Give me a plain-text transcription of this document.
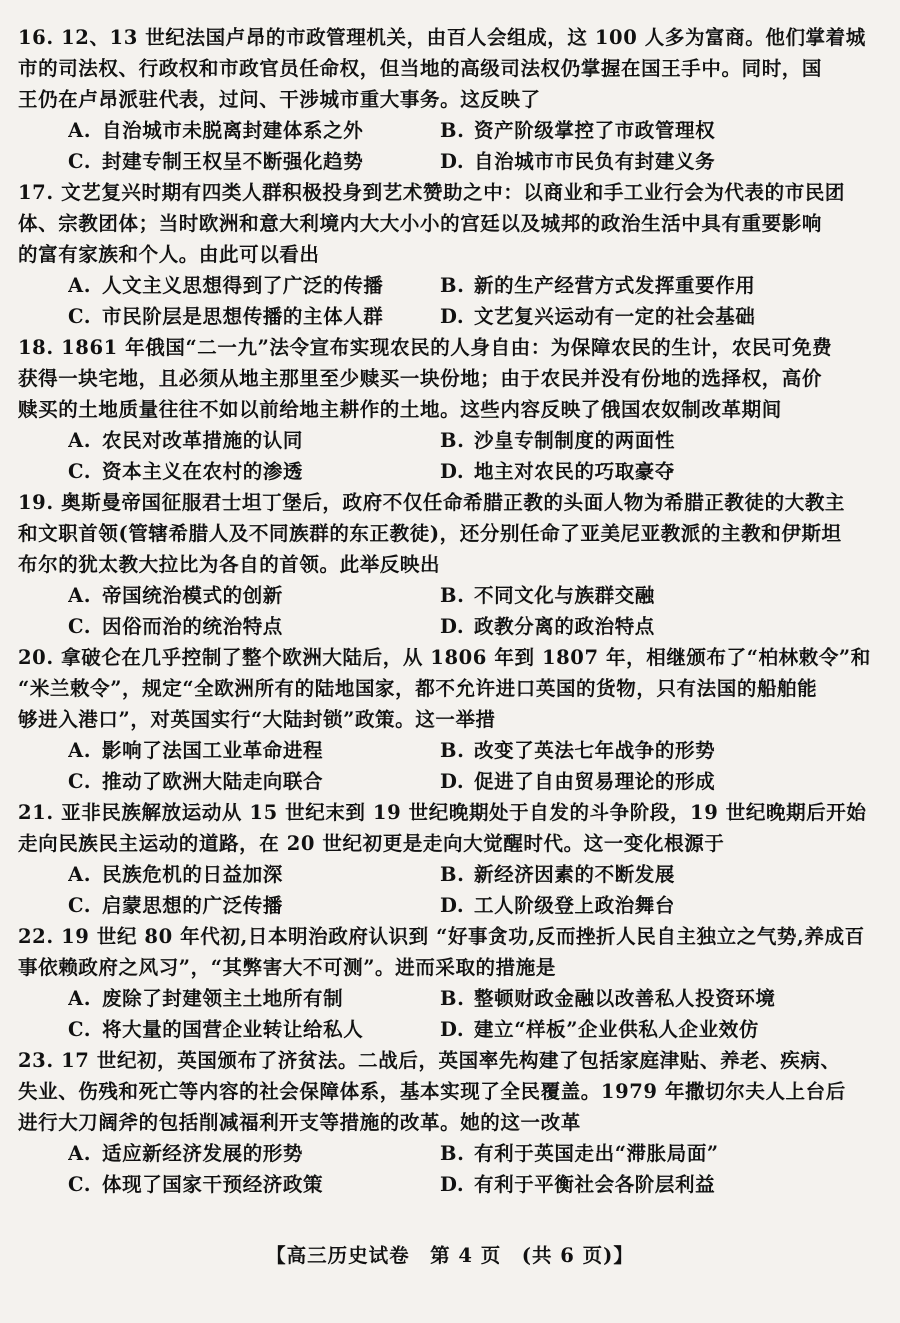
16. 12、13 世纪法国卢昂的市政管理机关，由百人会组成，这 100 人多为富商。他们掌着城

市的司法权、行政权和市政官员任命权，但当地的高级司法权仍掌握在国王手中。同时，国

王仍在卢昂派驻代表，过问、干涉城市重大事务。这反映了

A. 自治城市未脱离封建体系之外	B. 资产阶级掌控了市政管理权
C. 封建专制王权呈不断强化趋势	D. 自治城市市民负有封建义务

17. 文艺复兴时期有四类人群积极投身到艺术赞助之中：以商业和手工业行会为代表的市民团

体、宗教团体；当时欧洲和意大利境内大大小小的宫廷以及城邦的政治生活中具有重要影响

的富有家族和个人。由此可以看出

A. 人文主义思想得到了广泛的传播	B. 新的生产经营方式发挥重要作用
C. 市民阶层是思想传播的主体人群	D. 文艺复兴运动有一定的社会基础

18. 1861 年俄国“二一九”法令宣布实现农民的人身自由：为保障农民的生计，农民可免费

获得一块宅地，且必须从地主那里至少赎买一块份地；由于农民并没有份地的选择权，高价

赎买的土地质量往往不如以前给地主耕作的土地。这些内容反映了俄国农奴制改革期间

A. 农民对改革措施的认同	B. 沙皇专制制度的两面性
C. 资本主义在农村的渗透	D. 地主对农民的巧取豪夺

19. 奥斯曼帝国征服君士坦丁堡后，政府不仅任命希腊正教的头面人物为希腊正教徒的大教主

和文职首领(管辖希腊人及不同族群的东正教徒)，还分别任命了亚美尼亚教派的主教和伊斯坦

布尔的犹太教大拉比为各自的首领。此举反映出

A. 帝国统治模式的创新	B. 不同文化与族群交融
C. 因俗而治的统治特点	D. 政教分离的政治特点

20. 拿破仑在几乎控制了整个欧洲大陆后，从 1806 年到 1807 年，相继颁布了“柏林敕令”和

“米兰敕令”，规定“全欧洲所有的陆地国家，都不允许进口英国的货物，只有法国的船舶能

够进入港口”，对英国实行“大陆封锁”政策。这一举措

A. 影响了法国工业革命进程	B. 改变了英法七年战争的形势
C. 推动了欧洲大陆走向联合	D. 促进了自由贸易理论的形成

21. 亚非民族解放运动从 15 世纪末到 19 世纪晚期处于自发的斗争阶段，19 世纪晚期后开始

走向民族民主运动的道路，在 20 世纪初更是走向大觉醒时代。这一变化根源于

A. 民族危机的日益加深	B. 新经济因素的不断发展
C. 启蒙思想的广泛传播	D. 工人阶级登上政治舞台

22. 19 世纪 80 年代初,日本明治政府认识到 “好事贪功,反而挫折人民自主独立之气势,养成百

事依赖政府之风习”，“其弊害大不可测”。进而采取的措施是

A. 废除了封建领主土地所有制	B. 整顿财政金融以改善私人投资环境
C. 将大量的国营企业转让给私人	D. 建立“样板”企业供私人企业效仿

23. 17 世纪初，英国颁布了济贫法。二战后，英国率先构建了包括家庭津贴、养老、疾病、

失业、伤残和死亡等内容的社会保障体系，基本实现了全民覆盖。1979 年撒切尔夫人上台后

进行大刀阔斧的包括削减福利开支等措施的改革。她的这一改革

A. 适应新经济发展的形势	B. 有利于英国走出“滞胀局面”
C. 体现了国家干预经济政策	D. 有利于平衡社会各阶层利益
【高三历史试卷　第 4 页　(共 6 页)】
